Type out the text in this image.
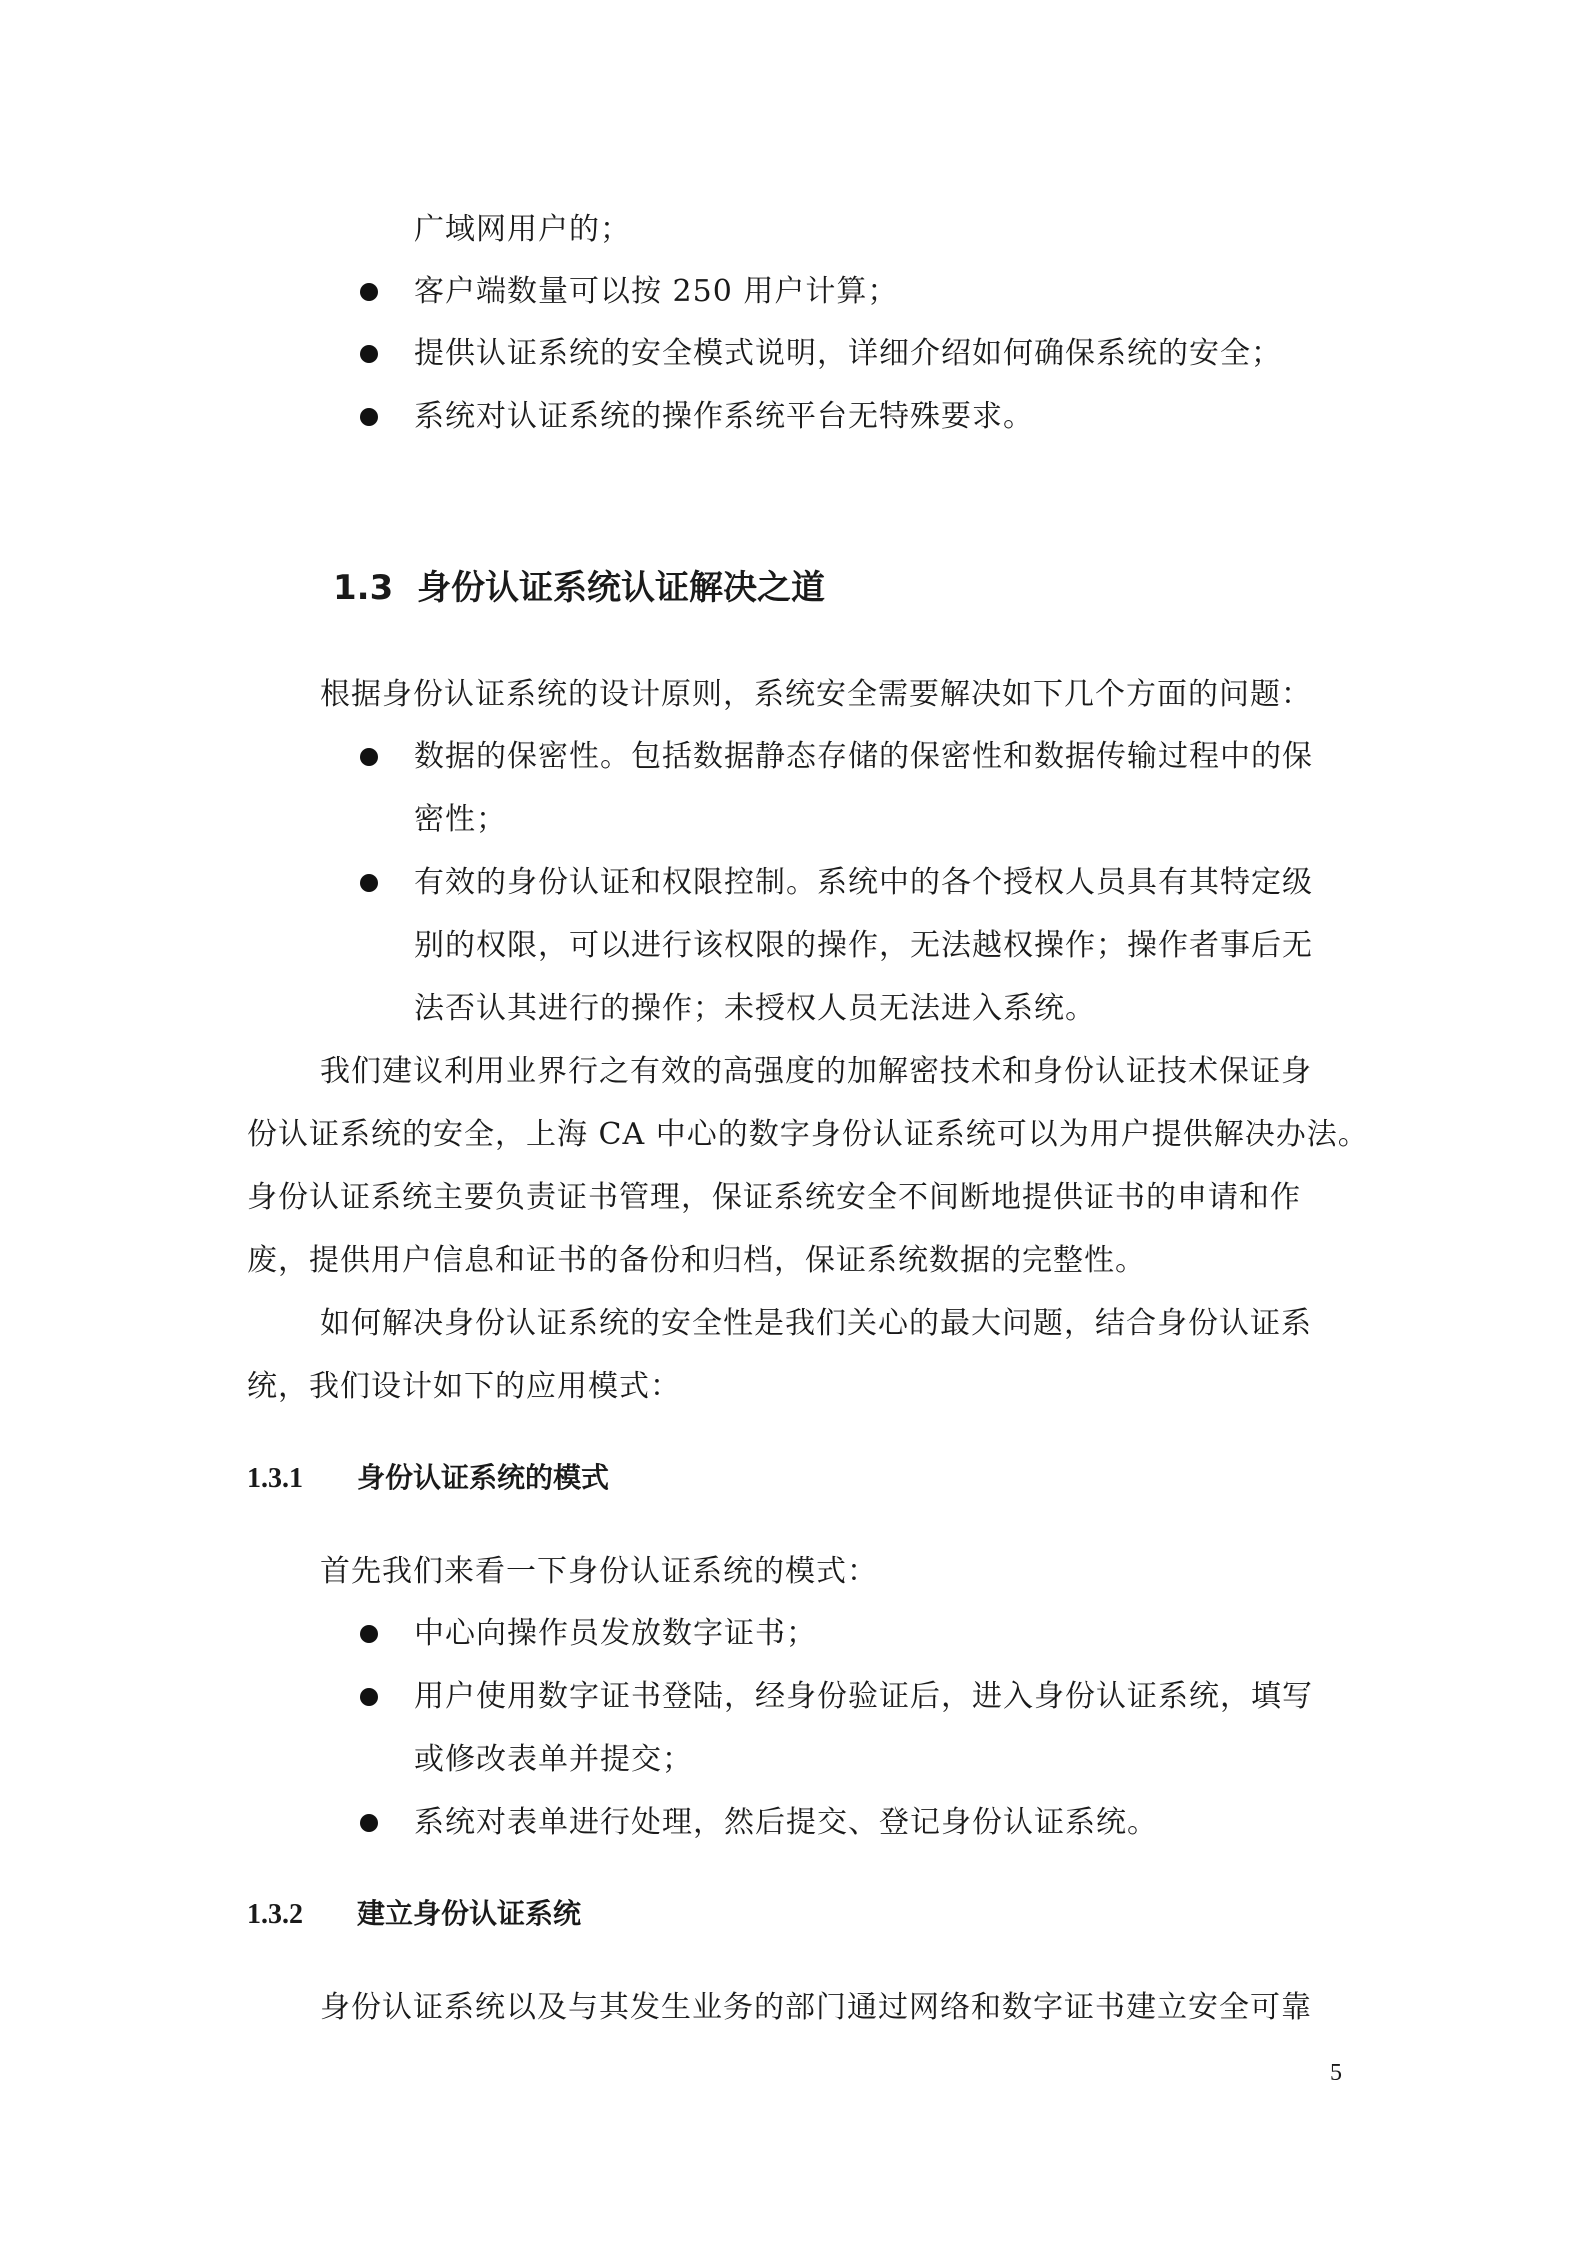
广域网用户的；
客户端数量可以按 250 用户计算；
提供认证系统的安全模式说明，详细介绍如何确保系统的安全；
系统对认证系统的操作系统平台无特殊要求。
1.3 身份认证系统认证解决之道
根据身份认证系统的设计原则，系统安全需要解决如下几个方面的问题：
数据的保密性。包括数据静态存储的保密性和数据传输过程中的保
密性；
有效的身份认证和权限控制。系统中的各个授权人员具有其特定级
别的权限，可以进行该权限的操作，无法越权操作；操作者事后无
法否认其进行的操作；未授权人员无法进入系统。
我们建议利用业界行之有效的高强度的加解密技术和身份认证技术保证身
份认证系统的安全，上海 CA 中心的数字身份认证系统可以为用户提供解决办法。
身份认证系统主要负责证书管理，保证系统安全不间断地提供证书的申请和作
废，提供用户信息和证书的备份和归档，保证系统数据的完整性。
如何解决身份认证系统的安全性是我们关心的最大问题，结合身份认证系
统，我们设计如下的应用模式：
1.3.1 身份认证系统的模式
首先我们来看一下身份认证系统的模式：
中心向操作员发放数字证书；
用户使用数字证书登陆，经身份验证后，进入身份认证系统，填写
或修改表单并提交；
系统对表单进行处理，然后提交、登记身份认证系统。
1.3.2 建立身份认证系统
身份认证系统以及与其发生业务的部门通过网络和数字证书建立安全可靠
5
